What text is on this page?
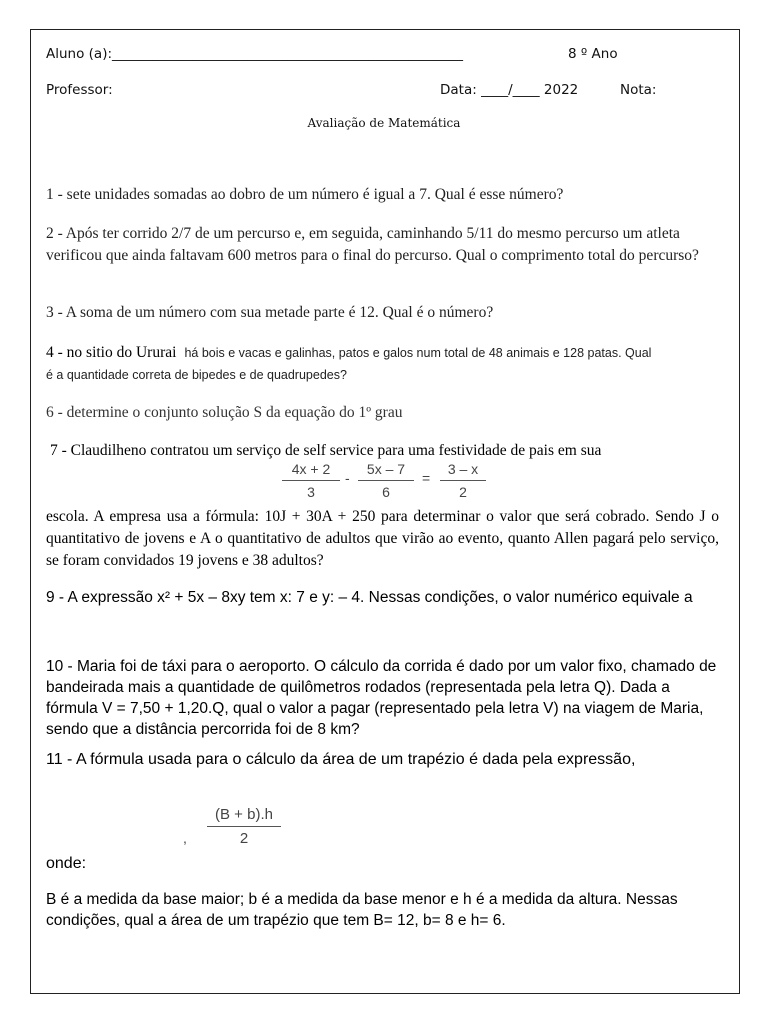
Aluno (a):____________________________________________________	8 º Ano
Professor:	Data: ____/____ 2022	Nota:
Avaliação de Matemática
1 - sete unidades somadas ao dobro de um número é igual a 7. Qual é esse número?
2 - Após ter corrido 2/7 de um percurso e, em seguida, caminhando 5/11 do mesmo percurso um atleta verificou que ainda faltavam 600 metros para o final do percurso. Qual o comprimento total do percurso?
3 - A soma de um número com sua metade parte é 12. Qual é o número?
4 - no sitio do Ururai há bois e vacas e galinhas, patos e galos num total de 48 animais e 128 patas. Qual
é a quantidade correta de bipedes e de quadrupedes?
6 - determine o conjunto solução S da equação do 1º grau
7 - Claudilheno contratou um serviço de self service para uma festividade de pais em sua
4x + 2
3
-
5x – 7
6
=
3 – x
2
escola. A empresa usa a fórmula: 10J + 30A + 250 para determinar o valor que será cobrado. Sendo J o quantitativo de jovens e A o quantitativo de adultos que virão ao evento, quanto Allen pagará pelo serviço, se foram convidados 19 jovens e 38 adultos?
9 - A expressão x² + 5x – 8xy tem x: 7 e y: – 4. Nessas condições, o valor numérico equivale a
10 - Maria foi de táxi para o aeroporto. O cálculo da corrida é dado por um valor fixo, chamado de bandeirada mais a quantidade de quilômetros rodados (representada pela letra Q). Dada a fórmula V = 7,50 + 1,20.Q, qual o valor a pagar (representado pela letra V) na viagem de Maria, sendo que a distância percorrida foi de 8 km?
11 - A fórmula usada para o cálculo da área de um trapézio é dada pela expressão,
,
(B + b).h
2
onde:
B é a medida da base maior; b é a medida da base menor e h é a medida da altura. Nessas condições, qual a área de um trapézio que tem B= 12, b= 8 e h= 6.
